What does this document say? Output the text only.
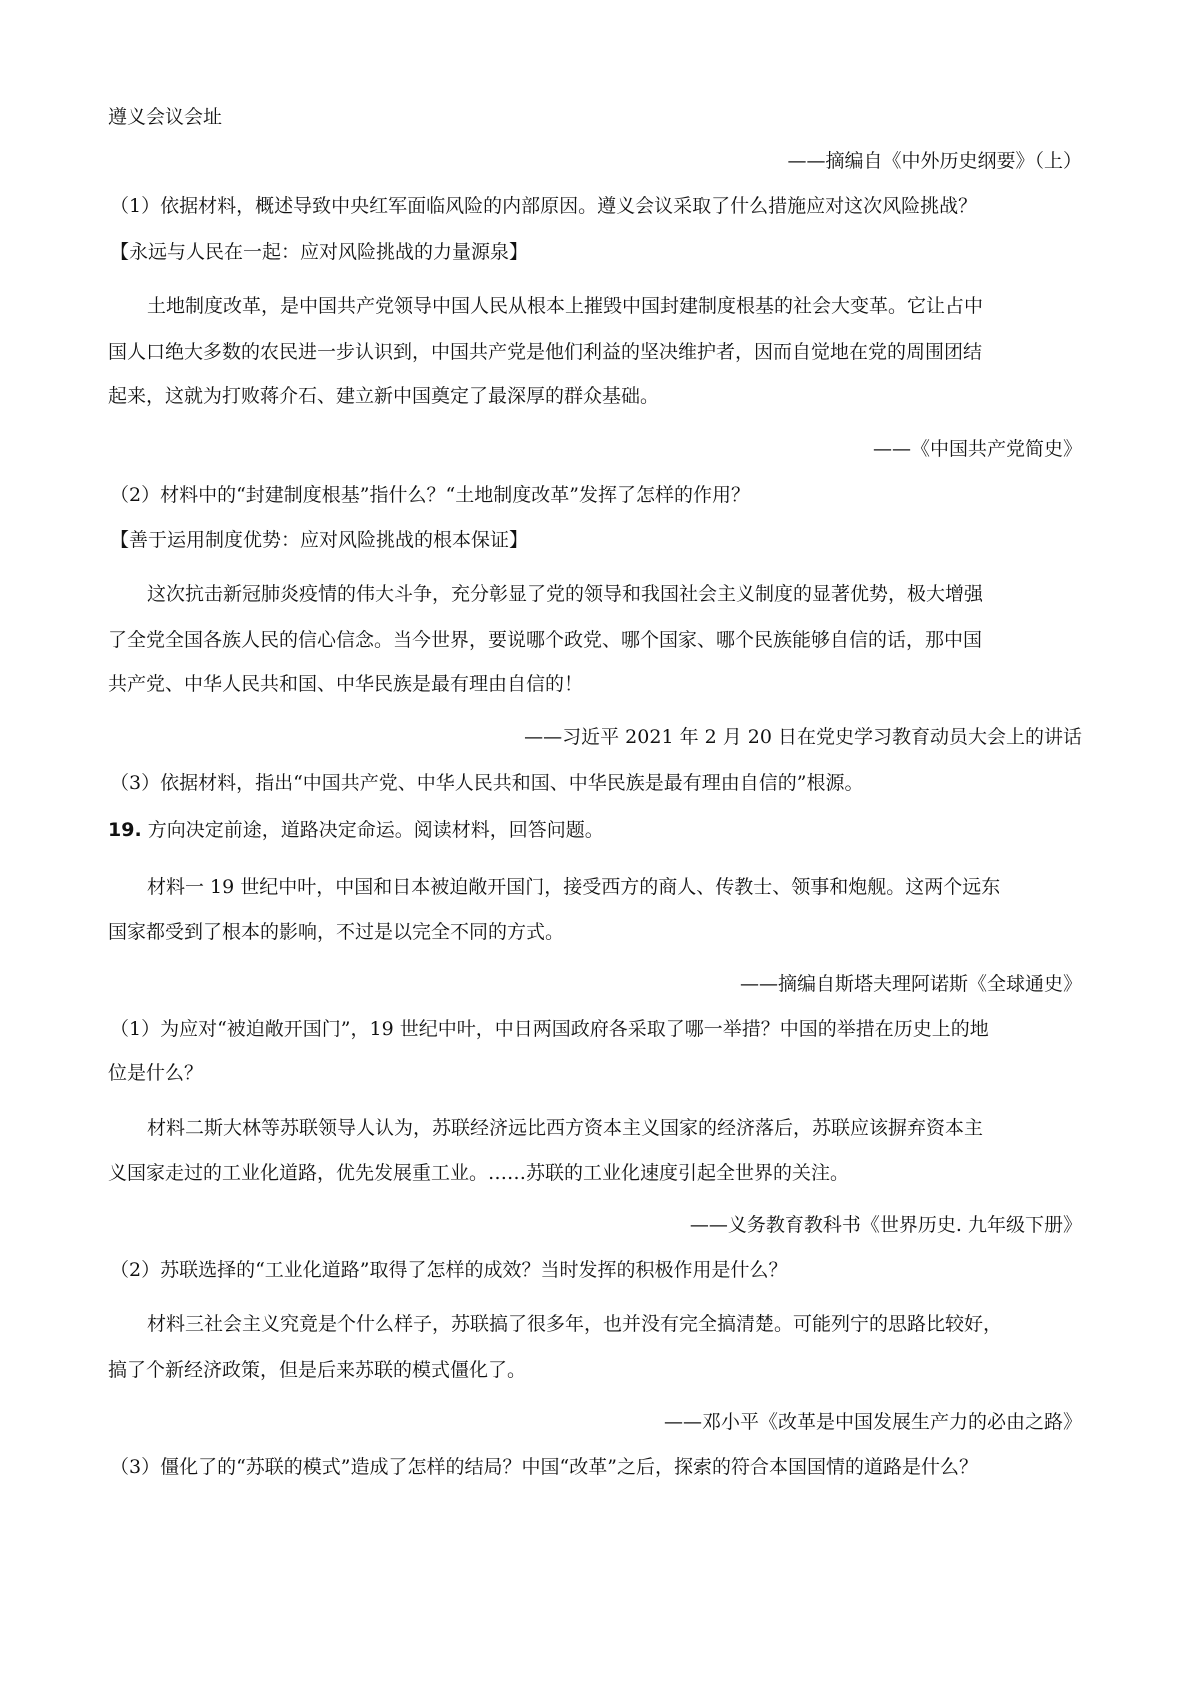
遵义会议会址
——摘编自《中外历史纲要》（上）
（1）依据材料，概述导致中央红军面临风险的内部原因。遵义会议采取了什么措施应对这次风险挑战？
【永远与人民在一起：应对风险挑战的力量源泉】
土地制度改革，是中国共产党领导中国人民从根本上摧毁中国封建制度根基的社会大变革。它让占中
国人口绝大多数的农民进一步认识到，中国共产党是他们利益的坚决维护者，因而自觉地在党的周围团结
起来，这就为打败蒋介石、建立新中国奠定了最深厚的群众基础。
——《中国共产党简史》
（2）材料中的“封建制度根基”指什么？“土地制度改革”发挥了怎样的作用？
【善于运用制度优势：应对风险挑战的根本保证】
这次抗击新冠肺炎疫情的伟大斗争，充分彰显了党的领导和我国社会主义制度的显著优势，极大增强
了全党全国各族人民的信心信念。当今世界，要说哪个政党、哪个国家、哪个民族能够自信的话，那中国
共产党、中华人民共和国、中华民族是最有理由自信的！
——习近平 2021 年 2 月 20 日在党史学习教育动员大会上的讲话
（3）依据材料，指出“中国共产党、中华人民共和国、中华民族是最有理由自信的”根源。
19. 方向决定前途，道路决定命运。阅读材料，回答问题。
材料一 19 世纪中叶，中国和日本被迫敞开国门，接受西方的商人、传教士、领事和炮舰。这两个远东
国家都受到了根本的影响，不过是以完全不同的方式。
——摘编自斯塔夫理阿诺斯《全球通史》
（1）为应对“被迫敞开国门”，19 世纪中叶，中日两国政府各采取了哪一举措？中国的举措在历史上的地
位是什么？
材料二斯大林等苏联领导人认为，苏联经济远比西方资本主义国家的经济落后，苏联应该摒弃资本主
义国家走过的工业化道路，优先发展重工业。……苏联的工业化速度引起全世界的关注。
——义务教育教科书《世界历史. 九年级下册》
（2）苏联选择的“工业化道路”取得了怎样的成效？当时发挥的积极作用是什么？
材料三社会主义究竟是个什么样子，苏联搞了很多年，也并没有完全搞清楚。可能列宁的思路比较好，
搞了个新经济政策，但是后来苏联的模式僵化了。
——邓小平《改革是中国发展生产力的必由之路》
（3）僵化了的“苏联的模式”造成了怎样的结局？中国“改革”之后，探索的符合本国国情的道路是什么？
